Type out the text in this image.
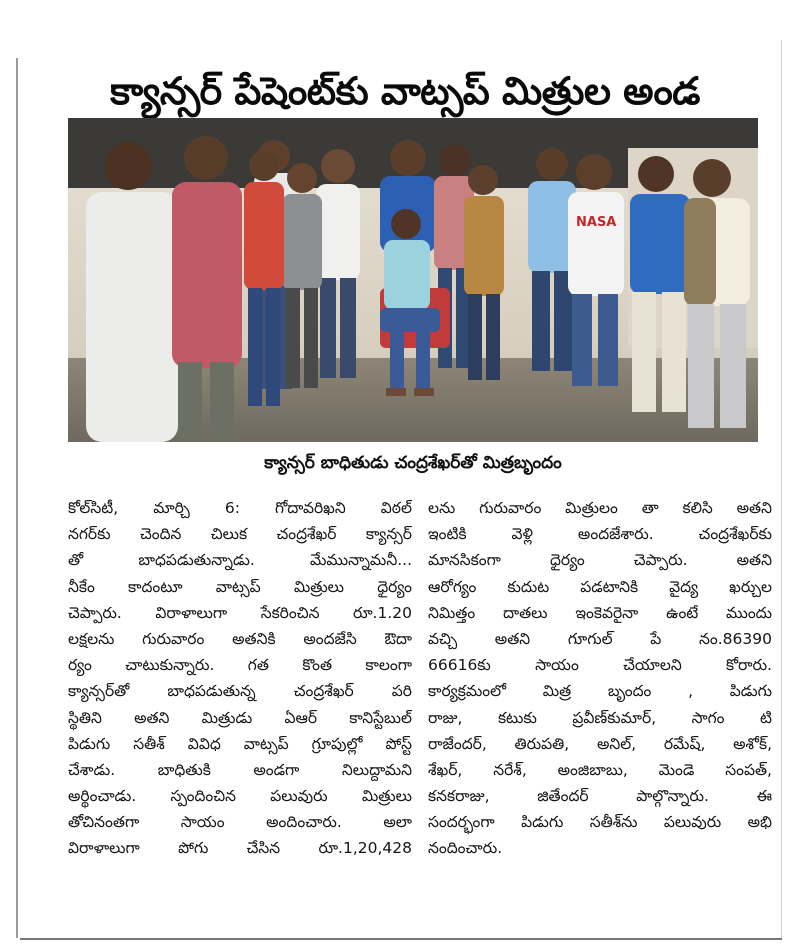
క్యాన్సర్ పేషెంట్‌కు వాట్సప్ మిత్రుల అండ
NASA
క్యాన్సర్ బాధితుడు చంద్రశేఖర్‌తో మిత్రబృందం
కోల్‌సిటీ, మార్చి 6: గోదావరిఖని విఠల్
నగర్‌కు చెందిన చిలుక చంద్రశేఖర్ క్యాన్సర్
తో బాధపడుతున్నాడు. మేమున్నామనీ...
నీకేం కాదంటూ వాట్సప్ మిత్రులు ధైర్యం
చెప్పారు. విరాళాలుగా సేకరించిన రూ.1.20
లక్షలను గురువారం అతనికి అందజేసి ఔదా
ర్యం చాటుకున్నారు. గత కొంత కాలంగా
క్యాన్సర్‌తో బాధపడుతున్న చంద్రశేఖర్ పరి
స్థితిని అతని మిత్రుడు ఏఆర్ కానిస్టేబుల్
పిడుగు సతీశ్ వివిధ వాట్సప్ గ్రూపుల్లో పోస్ట్
చేశాడు. బాధితుకి అండగా నిలుద్దామని
అర్థించాడు. స్పందించిన పలువురు మిత్రులు
తోచినంతగా సాయం అందించారు. అలా
విరాళాలుగా పోగు చేసిన రూ.1,20,428
లను గురువారం మిత్రులం తా కలిసి అతని
ఇంటికి వెళ్లి అందజేశారు. చంద్రశేఖర్‌కు
మానసికంగా ధైర్యం చెప్పారు. అతని
ఆరోగ్యం కుదుట పడటానికి వైద్య ఖర్చుల
నిమిత్తం దాతలు ఇంకెవరైనా ఉంటే ముందు
వచ్చి అతని గూగుల్ పే నం.86390
66616కు సాయం చేయాలని కోరారు.
కార్యక్రమంలో మిత్ర బృందం , పిడుగు
రాజు, కటుకు ప్రవీణ్‌కుమార్, సాగం టి
రాజేందర్, తిరుపతి, అనిల్, రమేష్, అశోక్,
శేఖర్, నరేశ్, అంజిబాబు, మెండె సంపత్,
కనకరాజు, జితేందర్ పాల్గొన్నారు. ఈ
సందర్భంగా పిడుగు సతీశ్‌ను పలువురు అభి
నందించారు.
